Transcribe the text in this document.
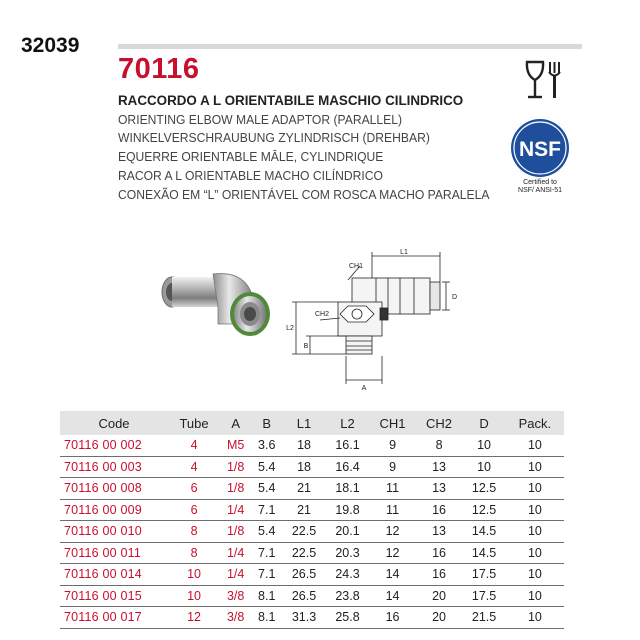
32039
70116
RACCORDO A L ORIENTABILE MASCHIO CILINDRICO
ORIENTING ELBOW MALE ADAPTOR (PARALLEL)
WINKELVERSCHRAUBUNG ZYLINDRISCH (DREHBAR)
EQUERRE ORIENTABLE MÂLE, CYLINDRIQUE
RACOR A L ORIENTABLE MACHO CILÍNDRICO
CONEXÃO EM “L” ORIENTÁVEL COM ROSCA MACHO PARALELA
NSF
Certified to
NSF/ ANSI-51
L1
CH1
D
L2
CH2
B
A
Code	Tube	A	B	L1	L2	CH1	CH2	D	Pack.
70116 00 002	4	M5	3.6	18	16.1	9	8	10	10
70116 00 003	4	1/8	5.4	18	16.4	9	13	10	10
70116 00 008	6	1/8	5.4	21	18.1	11	13	12.5	10
70116 00 009	6	1/4	7.1	21	19.8	11	16	12.5	10
70116 00 010	8	1/8	5.4	22.5	20.1	12	13	14.5	10
70116 00 011	8	1/4	7.1	22.5	20.3	12	16	14.5	10
70116 00 014	10	1/4	7.1	26.5	24.3	14	16	17.5	10
70116 00 015	10	3/8	8.1	26.5	23.8	14	20	17.5	10
70116 00 017	12	3/8	8.1	31.3	25.8	16	20	21.5	10
